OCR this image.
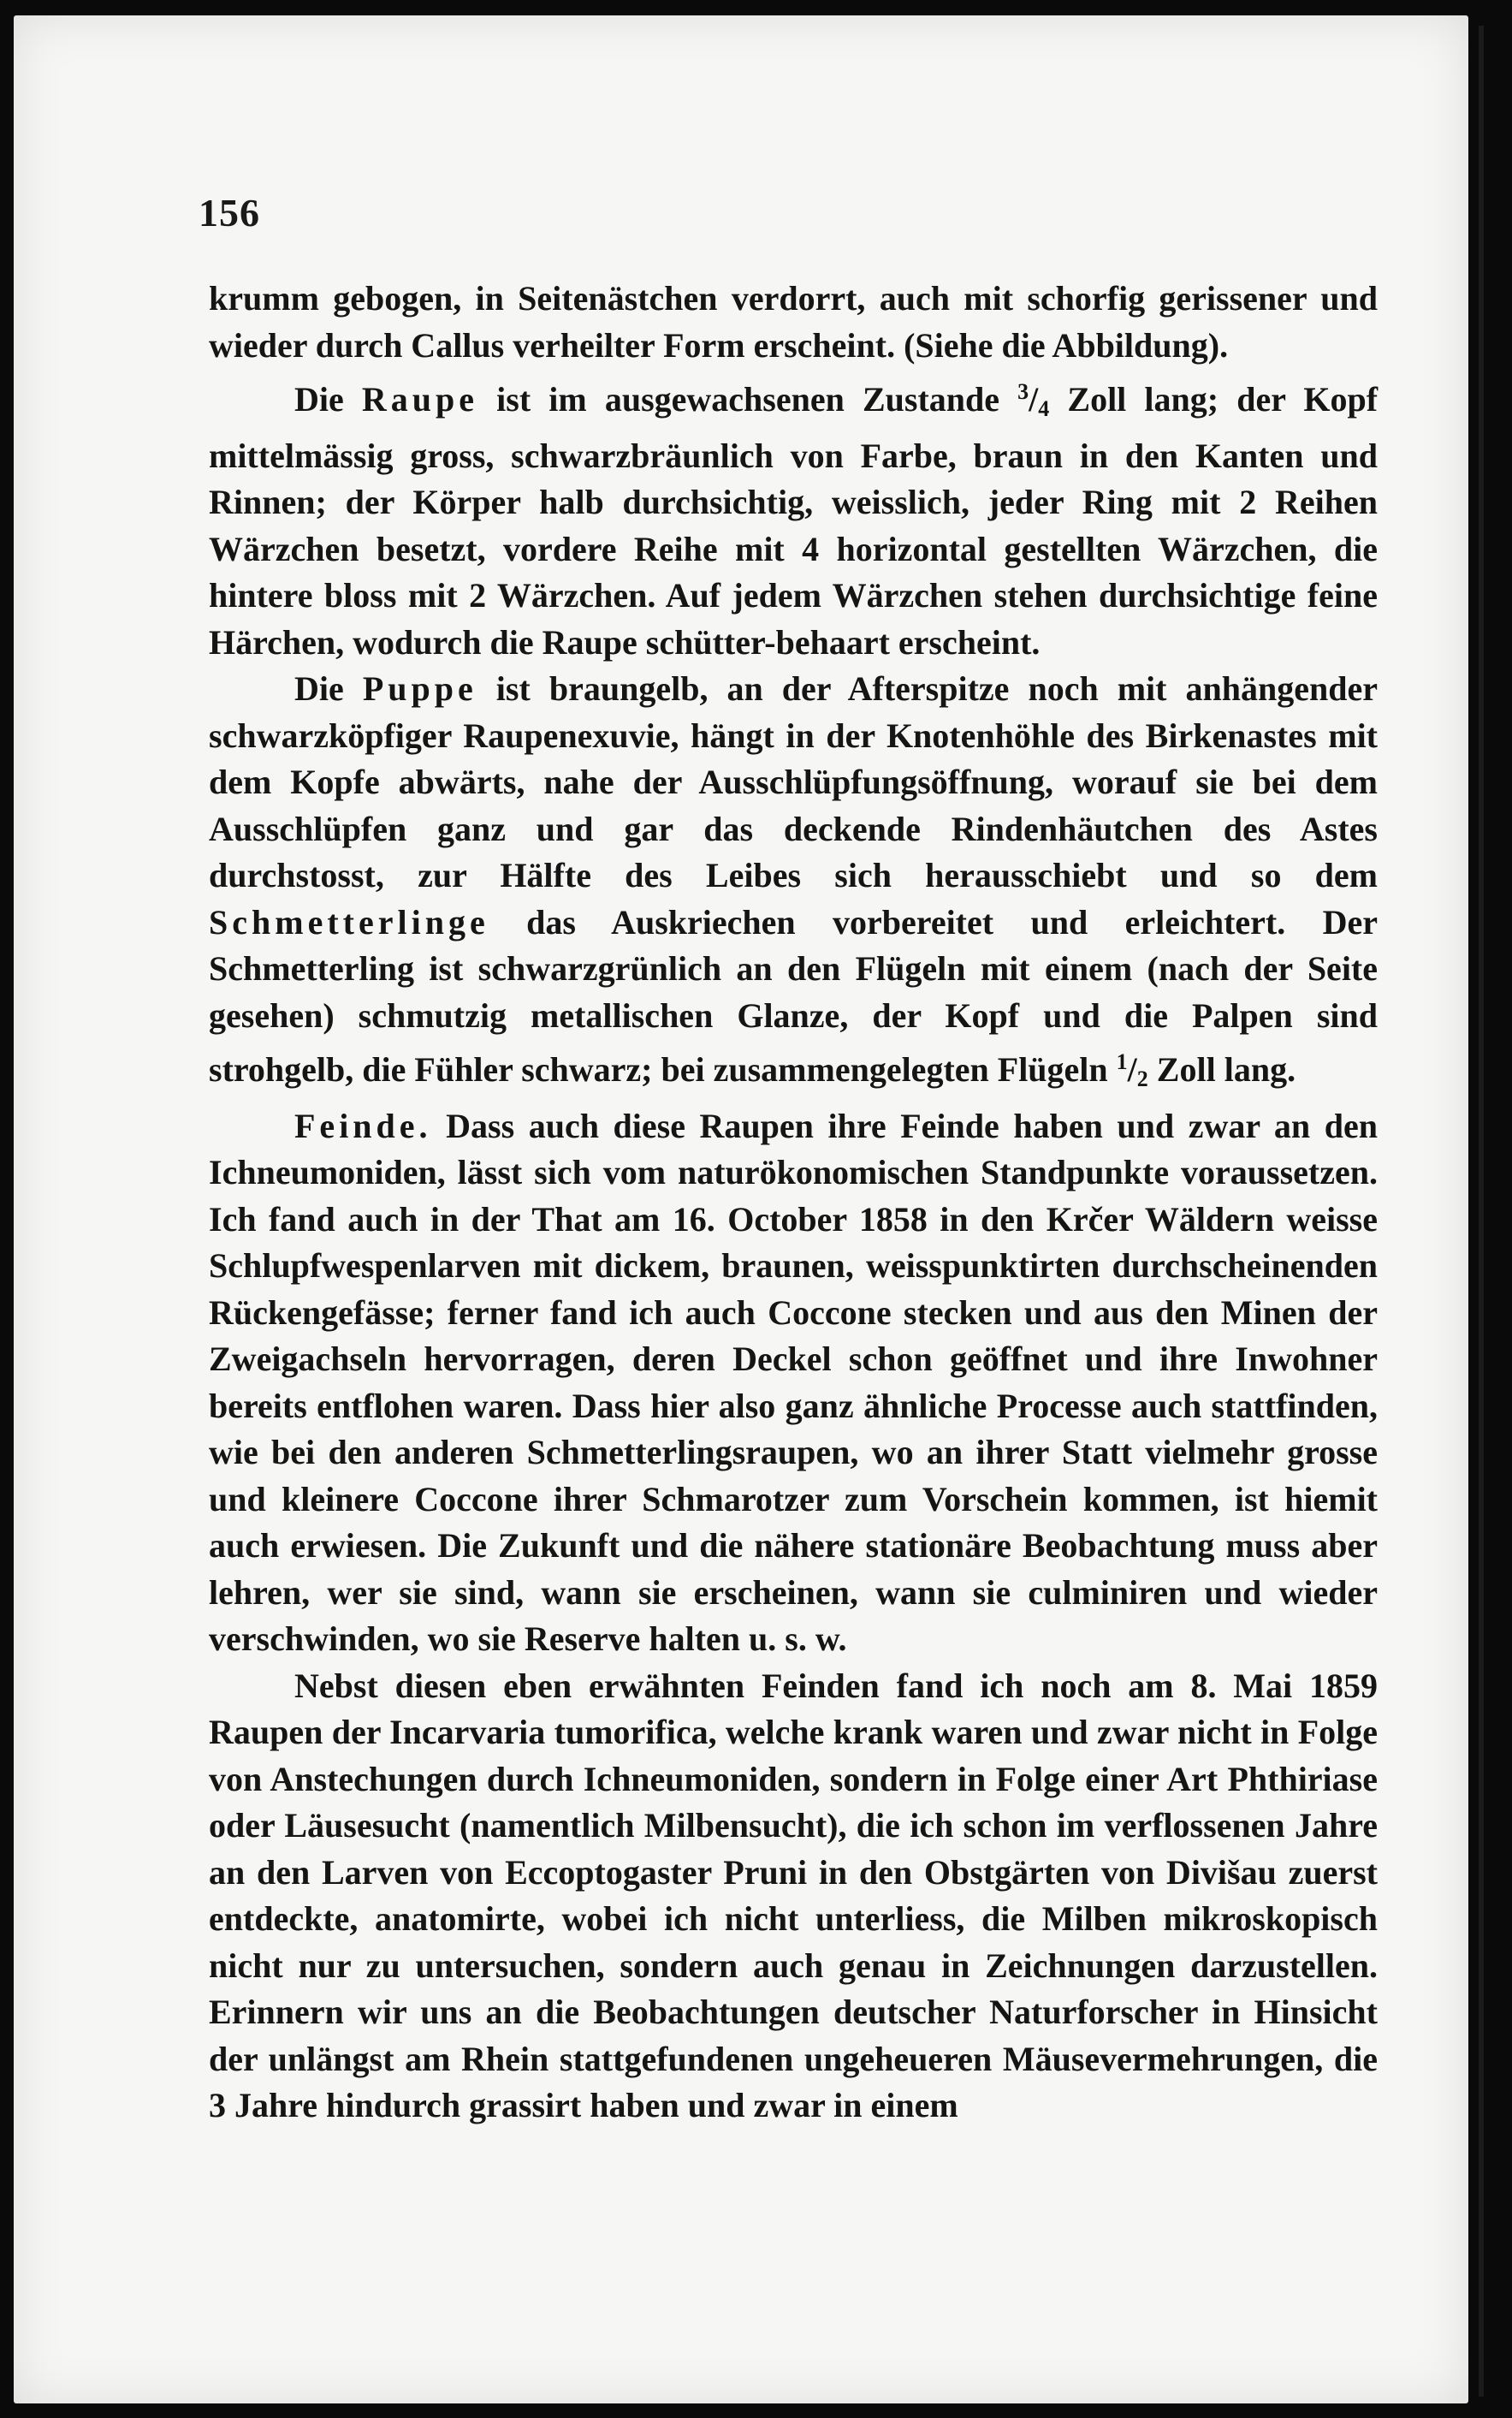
156

krumm gebogen, in Seitenästchen verdorrt, auch mit schorfig gerissener und wieder durch Callus verheilter Form erscheint. (Siehe die Abbildung).

Die Raupe ist im ausgewachsenen Zustande $^3/_4$ Zoll lang; der Kopf mittelmässig gross, schwarzbräunlich von Farbe, braun in den Kanten und Rinnen; der Körper halb durchsichtig, weisslich, jeder Ring mit 2 Reihen Wärzchen besetzt, vordere Reihe mit 4 horizontal gestellten Wärzchen, die hintere bloss mit 2 Wärzchen. Auf jedem Wärzchen stehen durchsichtige feine Härchen, wodurch die Raupe schütter-behaart erscheint.

Die Puppe ist braungelb, an der Afterspitze noch mit anhängender schwarzköpfiger Raupenexuvie, hängt in der Knotenhöhle des Birkenastes mit dem Kopfe abwärts, nahe der Ausschlüpfungsöffnung, worauf sie bei dem Ausschlüpfen ganz und gar das deckende Rindenhäutchen des Astes durchstosst, zur Hälfte des Leibes sich herausschiebt und so dem Schmetterlinge das Auskriechen vorbereitet und erleichtert. Der Schmetterling ist schwarzgrünlich an den Flügeln mit einem (nach der Seite gesehen) schmutzig metallischen Glanze, der Kopf und die Palpen sind strohgelb, die Fühler schwarz; bei zusammengelegten Flügeln $^1/_2$ Zoll lang.

Feinde. Dass auch diese Raupen ihre Feinde haben und zwar an den Ichneumoniden, lässt sich vom naturökonomischen Standpunkte voraussetzen. Ich fand auch in der That am 16. October 1858 in den Krčer Wäldern weisse Schlupfwespenlarven mit dickem, braunen, weisspunktirten durchscheinenden Rückengefässe; ferner fand ich auch Coccone stecken und aus den Minen der Zweigachseln hervorragen, deren Deckel schon geöffnet und ihre Inwohner bereits entflohen waren. Dass hier also ganz ähnliche Processe auch stattfinden, wie bei den anderen Schmetterlingsraupen, wo an ihrer Statt vielmehr grosse und kleinere Coccone ihrer Schmarotzer zum Vorschein kommen, ist hiemit auch erwiesen. Die Zukunft und die nähere stationäre Beobachtung muss aber lehren, wer sie sind, wann sie erscheinen, wann sie culminiren und wieder verschwinden, wo sie Reserve halten u. s. w.

Nebst diesen eben erwähnten Feinden fand ich noch am 8. Mai 1859 Raupen der Incarvaria tumorifica, welche krank waren und zwar nicht in Folge von Anstechungen durch Ichneumoniden, sondern in Folge einer Art Phthiriase oder Läusesucht (namentlich Milbensucht), die ich schon im verflossenen Jahre an den Larven von Eccoptogaster Pruni in den Obstgärten von Divišau zuerst entdeckte, anatomirte, wobei ich nicht unterliess, die Milben mikroskopisch nicht nur zu untersuchen, sondern auch genau in Zeichnungen darzustellen. Erinnern wir uns an die Beobachtungen deutscher Naturforscher in Hinsicht der unlängst am Rhein stattgefundenen ungeheueren Mäusevermehrungen, die 3 Jahre hindurch grassirt haben und zwar in einem
